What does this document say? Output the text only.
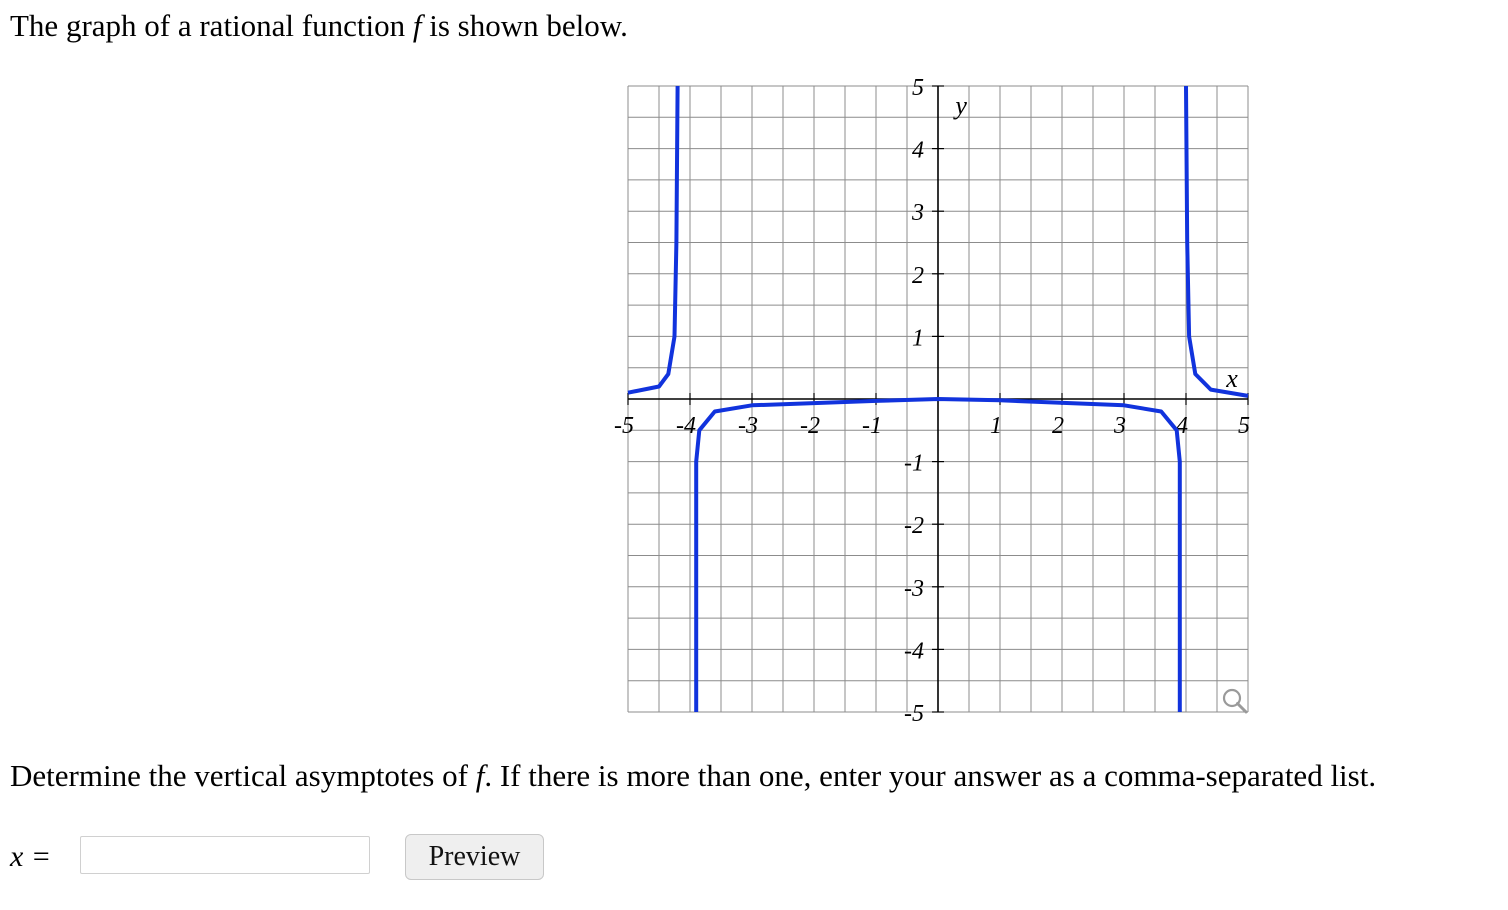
The graph of a rational function f is shown below.

-5 -4 -3 -2 -1	1 2 3 4 5
5
4
3
2
1
-1
-2
-3
-4
-5
x
y

Determine the vertical asymptotes of f. If there is more than one, enter your answer as a comma-separated list.

x =	Preview
